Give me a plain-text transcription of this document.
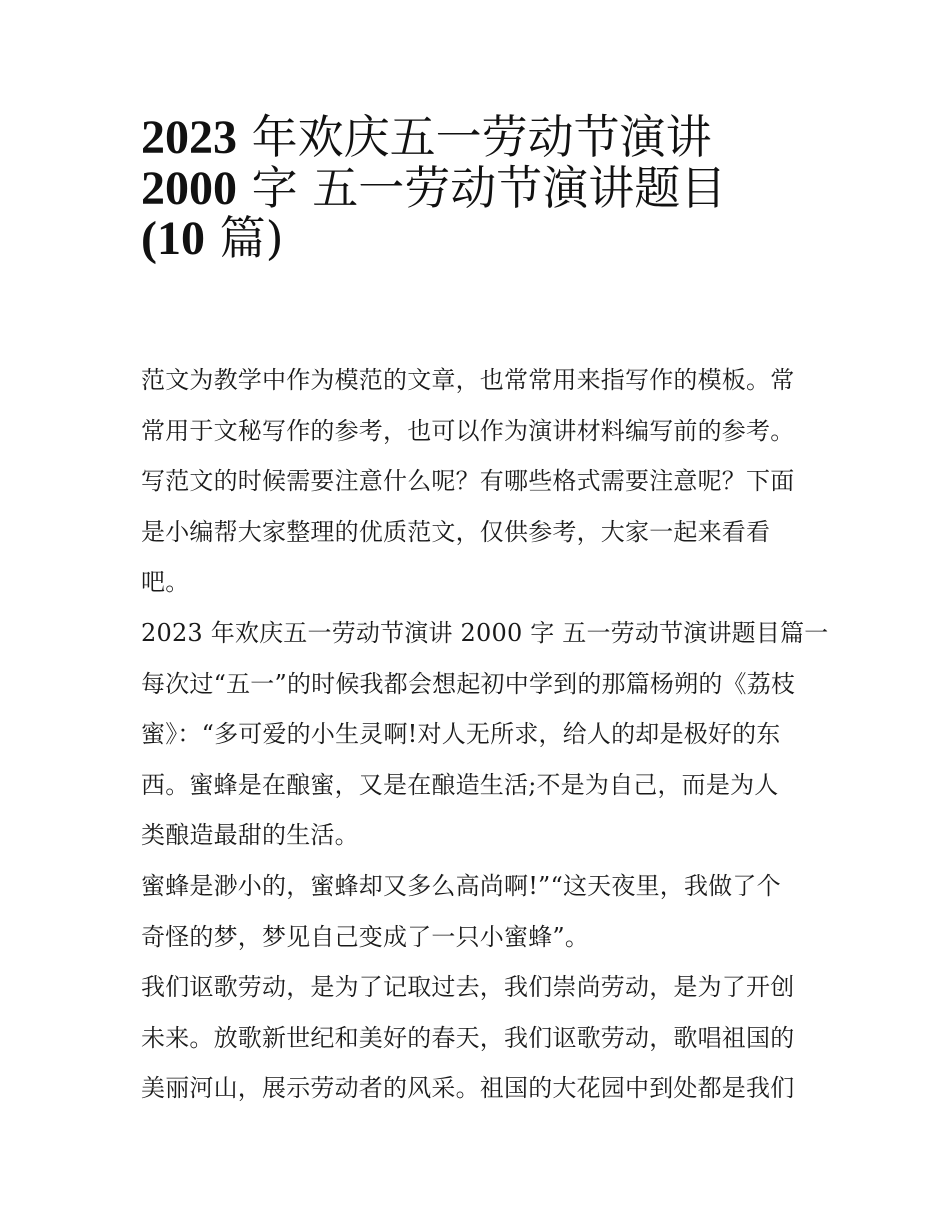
2023 年欢庆五一劳动节演讲
2000 字 五一劳动节演讲题目
(10 篇)

范文为教学中作为模范的文章，也常常用来指写作的模板。常
常用于文秘写作的参考，也可以作为演讲材料编写前的参考。
写范文的时候需要注意什么呢？有哪些格式需要注意呢？下面
是小编帮大家整理的优质范文，仅供参考，大家一起来看看
吧。

2023 年欢庆五一劳动节演讲 2000 字 五一劳动节演讲题目篇一

每次过“五一”的时候我都会想起初中学到的那篇杨朔的《荔枝
蜜》：“多可爱的小生灵啊!对人无所求，给人的却是极好的东
西。蜜蜂是在酿蜜，又是在酿造生活;不是为自己，而是为人
类酿造最甜的生活。

蜜蜂是渺小的，蜜蜂却又多么高尚啊!”“这天夜里，我做了个
奇怪的梦，梦见自己变成了一只小蜜蜂”。

我们讴歌劳动，是为了记取过去，我们崇尚劳动，是为了开创
未来。放歌新世纪和美好的春天，我们讴歌劳动，歌唱祖国的
美丽河山，展示劳动者的风采。祖国的大花园中到处都是我们
